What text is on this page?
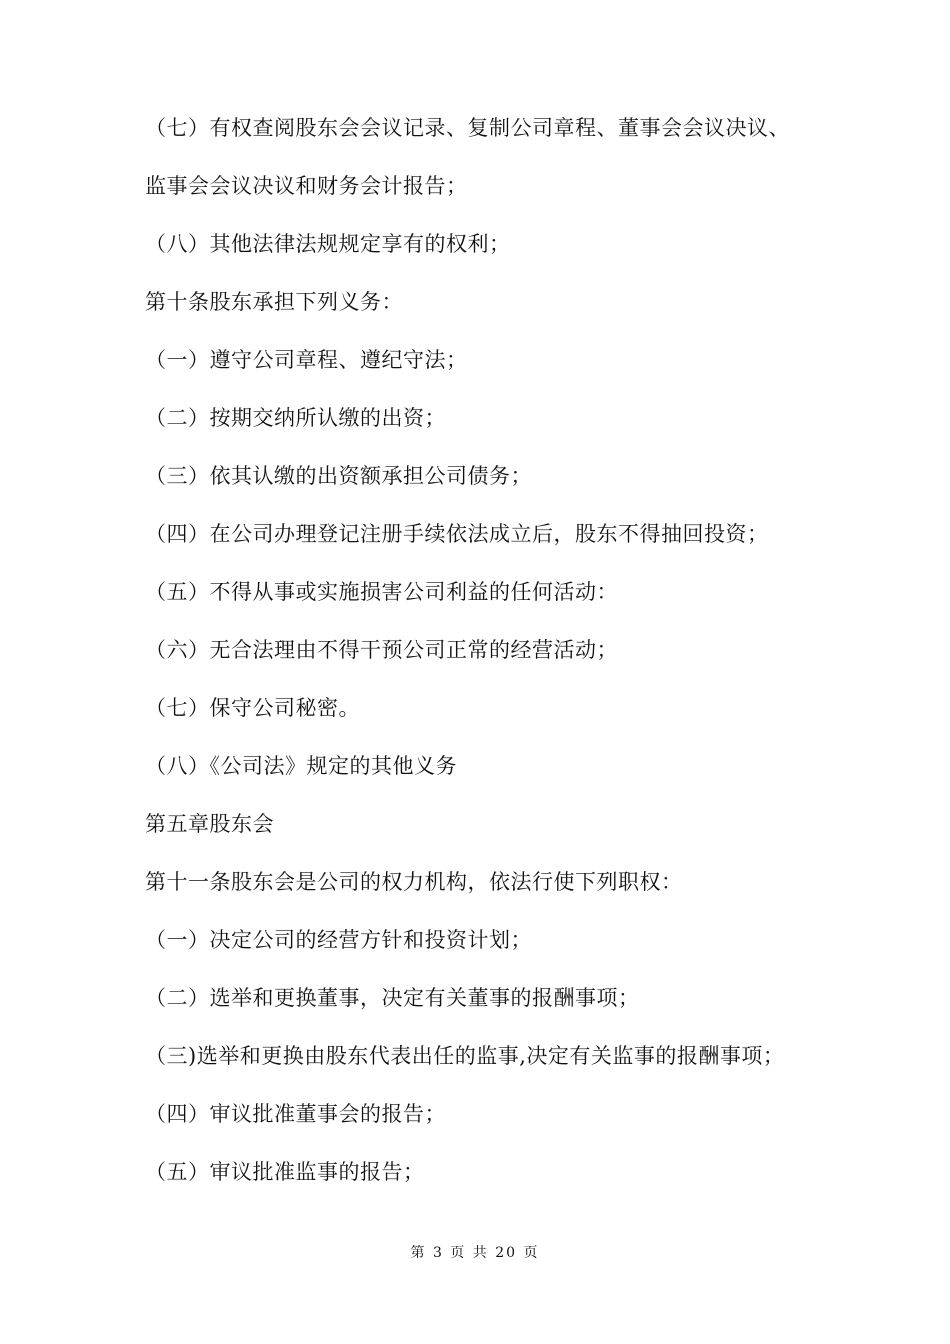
（七）有权查阅股东会会议记录、复制公司章程、董事会会议决议、
监事会会议决议和财务会计报告；
（八）其他法律法规规定享有的权利；
第十条股东承担下列义务：
（一）遵守公司章程、遵纪守法；
（二）按期交纳所认缴的出资；
（三）依其认缴的出资额承担公司债务；
（四）在公司办理登记注册手续依法成立后，股东不得抽回投资；
（五）不得从事或实施损害公司利益的任何活动：
（六）无合法理由不得干预公司正常的经营活动；
（七）保守公司秘密。
（八）《公司法》规定的其他义务
第五章股东会
第十一条股东会是公司的权力机构，依法行使下列职权：
（一）决定公司的经营方针和投资计划；
（二）选举和更换董事，决定有关董事的报酬事项；
（三)选举和更换由股东代表出任的监事,决定有关监事的报酬事项；
（四）审议批准董事会的报告；
（五）审议批准监事的报告；
第 3 页 共 20 页
